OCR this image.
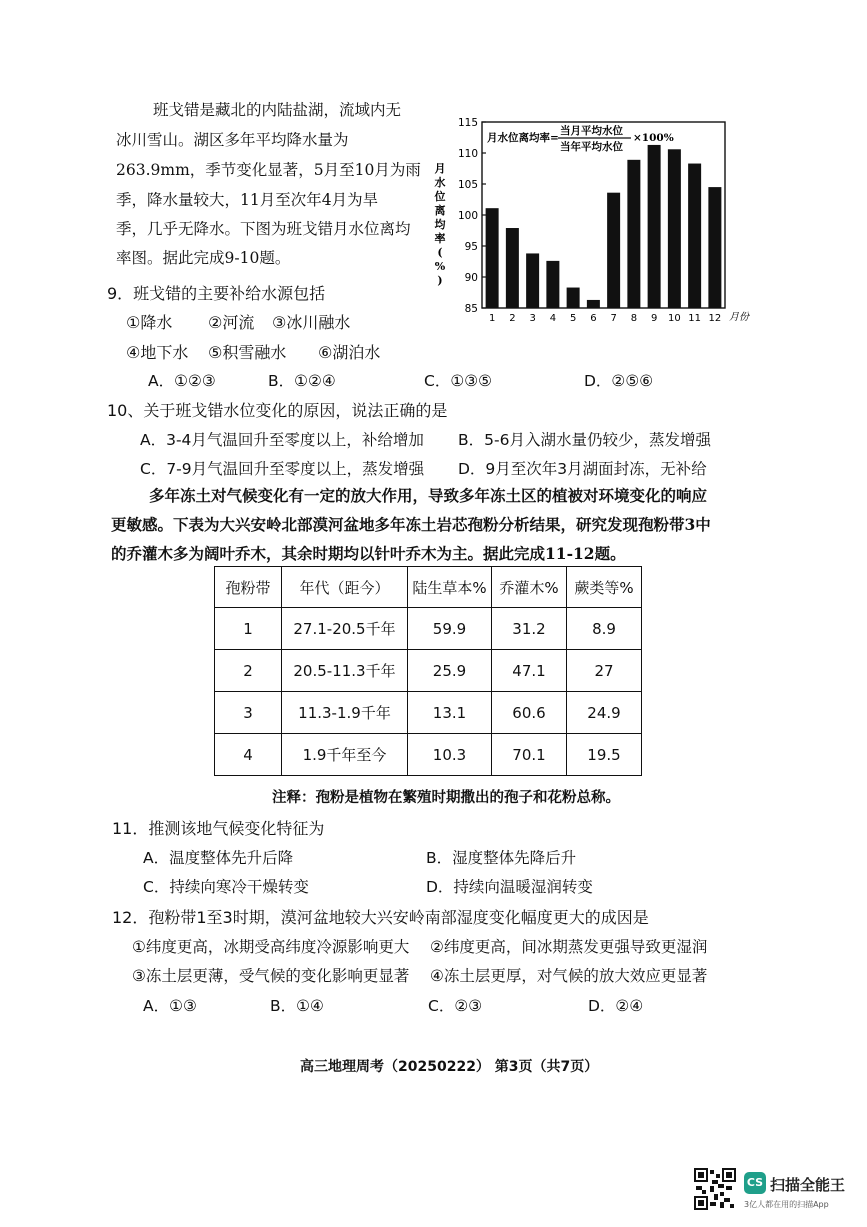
班戈错是藏北的内陆盐湖，流域内无
冰川雪山。湖区多年平均降水量为
263.9mm，季节变化显著，5月至10月为雨
季，降水量较大，11月至次年4月为旱
季，几乎无降水。下图为班戈错月水位离均
率图。据此完成9-10题。
月
水
位
离
均
率
(
%
)
85
90
95
100
105
110
115
1 2 3 4 5 6 7 8 9 10 11 12 月份
月水位离均率=
当月平均水位
当年平均水位
×100%
9．班戈错的主要补给水源包括
①降水 ②河流 ③冰川融水
④地下水 ⑤积雪融水 ⑥湖泊水
A．①②③	B．①②④	C．①③⑤	D．②⑤⑥
10、关于班戈错水位变化的原因，说法正确的是
A．3-4月气温回升至零度以上，补给增加 B．5-6月入湖水量仍较少，蒸发增强
C．7-9月气温回升至零度以上，蒸发增强 D．9月至次年3月湖面封冻，无补给
多年冻土对气候变化有一定的放大作用，导致多年冻土区的植被对环境变化的响应
更敏感。下表为大兴安岭北部漠河盆地多年冻土岩芯孢粉分析结果，研究发现孢粉带3中
的乔灌木多为阔叶乔木，其余时期均以针叶乔木为主。据此完成11-12题。
孢粉带	年代（距今）	陆生草本%	乔灌木%	蕨类等%
1	27.1-20.5千年	59.9	31.2	8.9
2	20.5-11.3千年	25.9	47.1	27
3	11.3-1.9千年	13.1	60.6	24.9
4	1.9千年至今	10.3	70.1	19.5
注释：孢粉是植物在繁殖时期撒出的孢子和花粉总称。
11．推测该地气候变化特征为
A．温度整体先升后降	B．湿度整体先降后升
C．持续向寒冷干燥转变	D．持续向温暖湿润转变
12．孢粉带1至3时期，漠河盆地较大兴安岭南部湿度变化幅度更大的成因是
①纬度更高，冰期受高纬度冷源影响更大 ②纬度更高，间冰期蒸发更强导致更湿润
③冻土层更薄，受气候的变化影响更显著 ④冻土层更厚，对气候的放大效应更显著
A．①③	B．①④	C．②③	D．②④
高三地理周考（20250222） 第3页（共7页）
CS 扫描全能王
3亿人都在用的扫描App
